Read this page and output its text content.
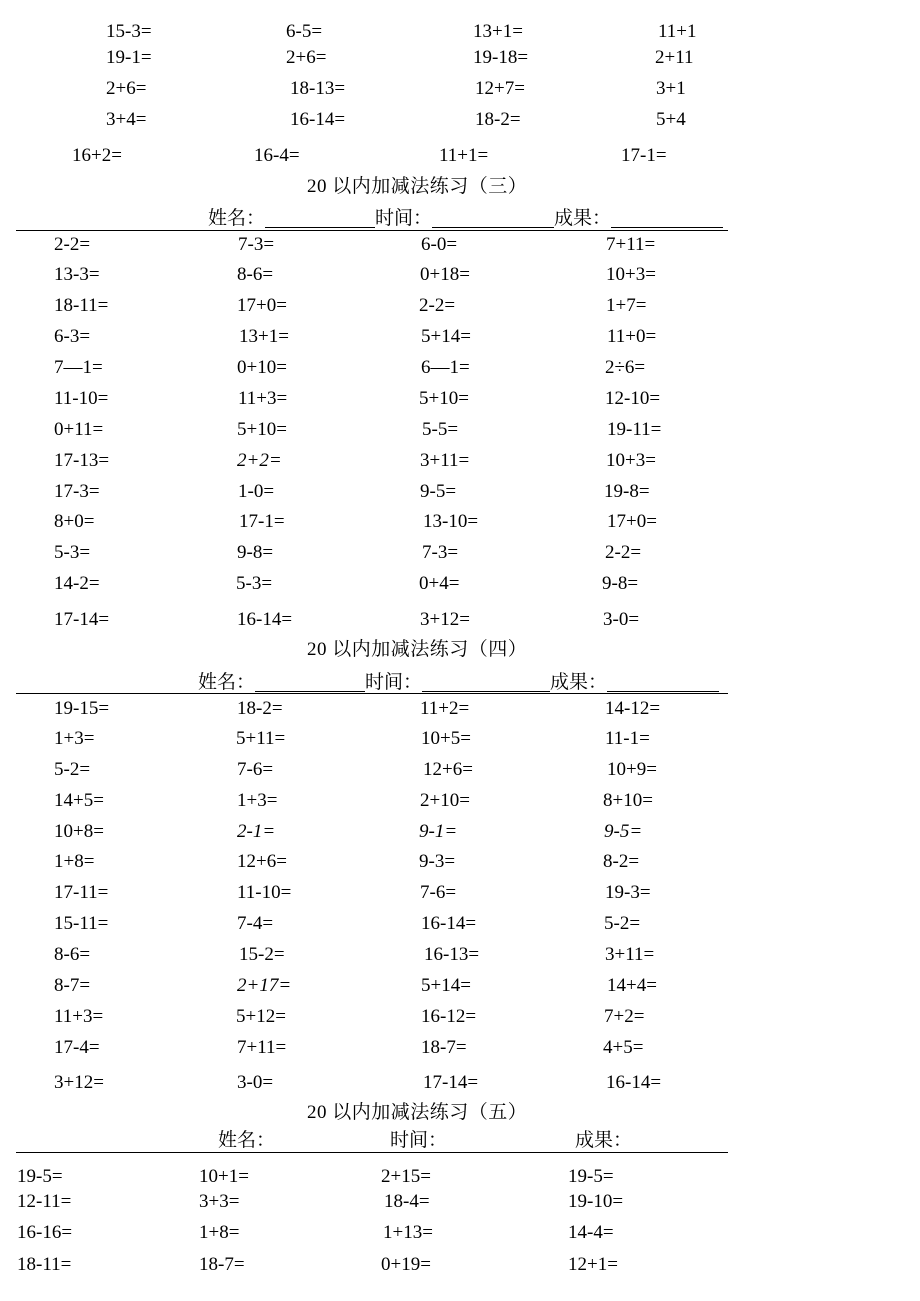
15-3=	6-5=	13+1=	11+1
19-1=	2+6=	19-18=	2+11
2+6=	18-13=	12+7=	3+1
3+4=	16-14=	18-2=	5+4
16+2=	16-4=	11+1=	17-1=
20 以内加减法练习（三）
姓名：	时间：	成果：
2-2=	7-3=	6-0=	7+11=
13-3=	8-6=	0+18=	10+3=
18-11=	17+0=	2-2=	1+7=
6-3=	13+1=	5+14=	11+0=
7—1=	0+10=	6—1=	2÷6=
11-10=	11+3=	5+10=	12-10=
0+11=	5+10=	5-5=	19-11=
17-13=	2+2=	3+11=	10+3=
17-3=	1-0=	9-5=	19-8=
8+0=	17-1=	13-10=	17+0=
5-3=	9-8=	7-3=	2-2=
14-2=	5-3=	0+4=	9-8=
17-14=	16-14=	3+12=	3-0=
20 以内加减法练习（四）
姓名：	时间：	成果：
19-15=	18-2=	11+2=	14-12=
1+3=	5+11=	10+5=	11-1=
5-2=	7-6=	12+6=	10+9=
14+5=	1+3=	2+10=	8+10=
10+8=	2-1=	9-1=	9-5=
1+8=	12+6=	9-3=	8-2=
17-11=	11-10=	7-6=	19-3=
15-11=	7-4=	16-14=	5-2=
8-6=	15-2=	16-13=	3+11=
8-7=	2+17=	5+14=	14+4=
11+3=	5+12=	16-12=	7+2=
17-4=	7+11=	18-7=	4+5=
3+12=	3-0=	17-14=	16-14=
20 以内加减法练习（五）
姓名：	时间：	成果：
19-5=	10+1=	2+15=	19-5=
12-11=	3+3=	18-4=	19-10=
16-16=	1+8=	1+13=	14-4=
18-11=	18-7=	0+19=	12+1=
